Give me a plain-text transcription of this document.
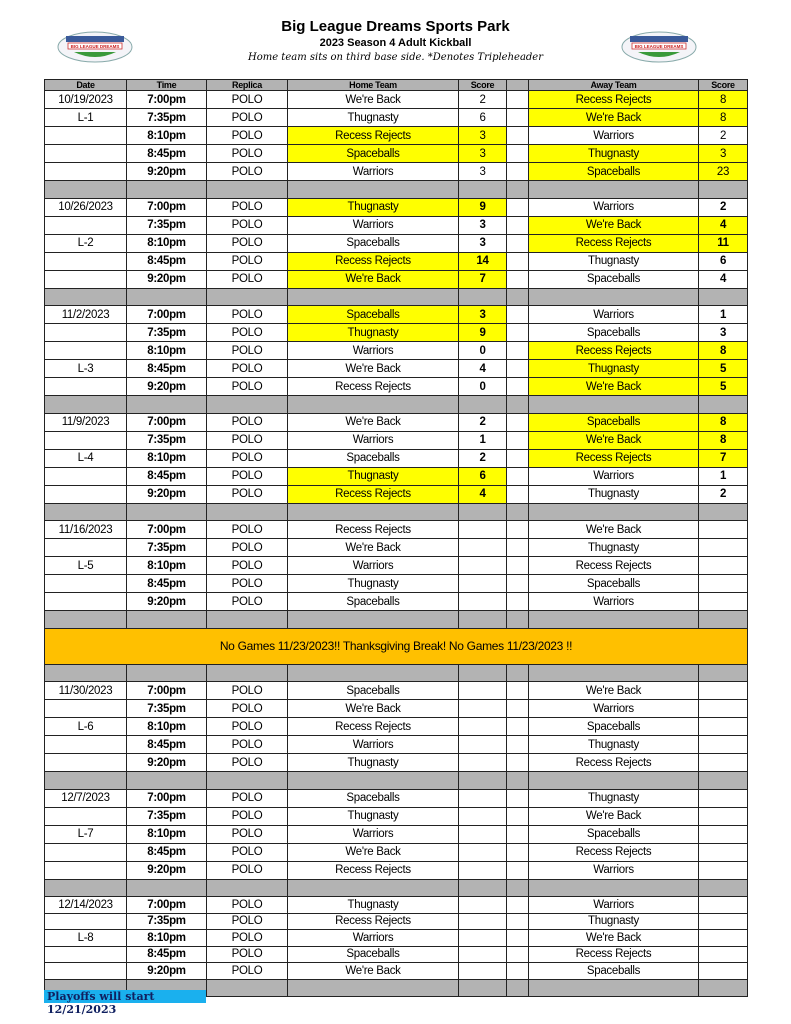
BIG LEAGUE DREAMS	BIG LEAGUE DREAMS
Big League Dreams Sports Park
2023 Season 4 Adult Kickball
Home team sits on third base side. *Denotes Tripleheader
Date	Time	Replica	Home Team	Score		Away Team	Score
10/19/2023	7:00pm	POLO	We're Back	2		Recess Rejects	8
L-1	7:35pm	POLO	Thugnasty	6		We're Back	8
	8:10pm	POLO	Recess Rejects	3		Warriors	2
	8:45pm	POLO	Spaceballs	3		Thugnasty	3
	9:20pm	POLO	Warriors	3		Spaceballs	23

10/26/2023	7:00pm	POLO	Thugnasty	9		Warriors	2
	7:35pm	POLO	Warriors	3		We're Back	4
L-2	8:10pm	POLO	Spaceballs	3		Recess Rejects	11
	8:45pm	POLO	Recess Rejects	14		Thugnasty	6
	9:20pm	POLO	We're Back	7		Spaceballs	4

11/2/2023	7:00pm	POLO	Spaceballs	3		Warriors	1
	7:35pm	POLO	Thugnasty	9		Spaceballs	3
	8:10pm	POLO	Warriors	0		Recess Rejects	8
L-3	8:45pm	POLO	We're Back	4		Thugnasty	5
	9:20pm	POLO	Recess Rejects	0		We're Back	5

11/9/2023	7:00pm	POLO	We're Back	2		Spaceballs	8
	7:35pm	POLO	Warriors	1		We're Back	8
L-4	8:10pm	POLO	Spaceballs	2		Recess Rejects	7
	8:45pm	POLO	Thugnasty	6		Warriors	1
	9:20pm	POLO	Recess Rejects	4		Thugnasty	2

11/16/2023	7:00pm	POLO	Recess Rejects			We're Back	
	7:35pm	POLO	We're Back			Thugnasty	
L-5	8:10pm	POLO	Warriors			Recess Rejects	
	8:45pm	POLO	Thugnasty			Spaceballs	
	9:20pm	POLO	Spaceballs			Warriors	

No Games 11/23/2023!! Thanksgiving Break! No Games 11/23/2023 !!							

11/30/2023	7:00pm	POLO	Spaceballs			We're Back	
	7:35pm	POLO	We're Back			Warriors	
L-6	8:10pm	POLO	Recess Rejects			Spaceballs	
	8:45pm	POLO	Warriors			Thugnasty	
	9:20pm	POLO	Thugnasty			Recess Rejects	

12/7/2023	7:00pm	POLO	Spaceballs			Thugnasty	
	7:35pm	POLO	Thugnasty			We're Back	
L-7	8:10pm	POLO	Warriors			Spaceballs	
	8:45pm	POLO	We're Back			Recess Rejects	
	9:20pm	POLO	Recess Rejects			Warriors	

12/14/2023	7:00pm	POLO	Thugnasty			Warriors	
	7:35pm	POLO	Recess Rejects			Thugnasty	
L-8	8:10pm	POLO	Warriors			We're Back	
	8:45pm	POLO	Spaceballs			Recess Rejects	
	9:20pm	POLO	We're Back			Spaceballs	

Playoffs will start 12/21/2023
